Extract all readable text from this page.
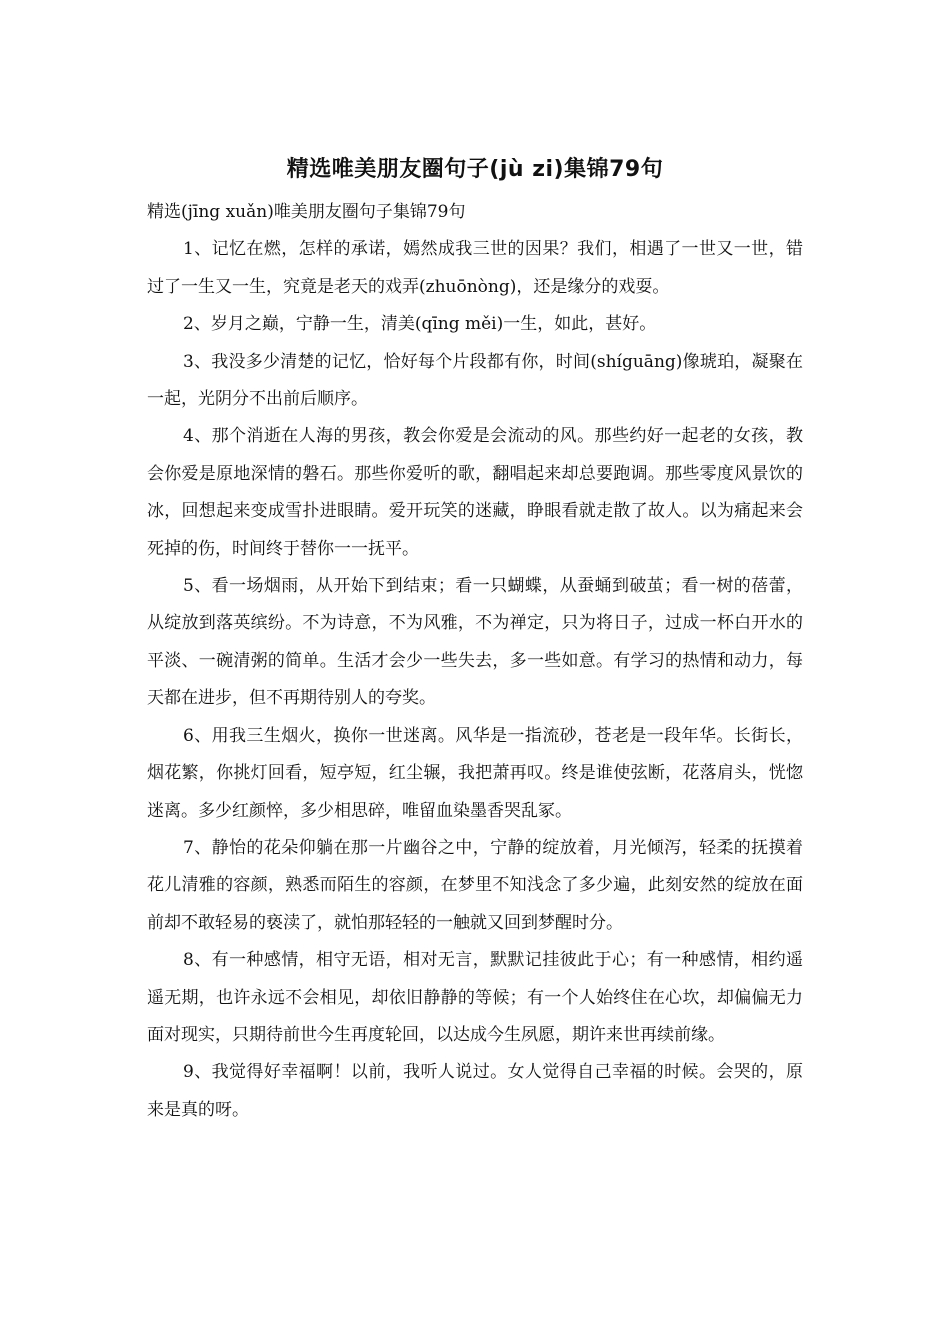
精选唯美朋友圈句子(jù zi)集锦79句

精选(jīng xuǎn)唯美朋友圈句子集锦79句

1、记忆在燃，怎样的承诺，嫣然成我三世的因果？我们，相遇了一世又一世，错过了一生又一生，究竟是老天的戏弄(zhuōnòng)，还是缘分的戏耍。

2、岁月之巅，宁静一生，清美(qīng měi)一生，如此，甚好。

3、我没多少清楚的记忆，恰好每个片段都有你，时间(shíguāng)像琥珀，凝聚在一起，光阴分不出前后顺序。

4、那个消逝在人海的男孩，教会你爱是会流动的风。那些约好一起老的女孩，教会你爱是原地深情的磐石。那些你爱听的歌，翻唱起来却总要跑调。那些零度风景饮的冰，回想起来变成雪扑进眼睛。爱开玩笑的迷藏，睁眼看就走散了故人。以为痛起来会死掉的伤，时间终于替你一一抚平。

5、看一场烟雨，从开始下到结束；看一只蝴蝶，从蚕蛹到破茧；看一树的蓓蕾，从绽放到落英缤纷。不为诗意，不为风雅，不为禅定，只为将日子，过成一杯白开水的平淡、一碗清粥的简单。生活才会少一些失去，多一些如意。有学习的热情和动力，每天都在进步，但不再期待别人的夸奖。

6、用我三生烟火，换你一世迷离。风华是一指流砂，苍老是一段年华。长街长，烟花繁，你挑灯回看，短亭短，红尘辗，我把萧再叹。终是谁使弦断，花落肩头，恍惚迷离。多少红颜悴，多少相思碎，唯留血染墨香哭乱冢。

7、静怡的花朵仰躺在那一片幽谷之中，宁静的绽放着，月光倾泻，轻柔的抚摸着花儿清雅的容颜，熟悉而陌生的容颜，在梦里不知浅念了多少遍，此刻安然的绽放在面前却不敢轻易的亵渎了，就怕那轻轻的一触就又回到梦醒时分。

8、有一种感情，相守无语，相对无言，默默记挂彼此于心；有一种感情，相约遥遥无期，也许永远不会相见，却依旧静静的等候；有一个人始终住在心坎，却偏偏无力面对现实，只期待前世今生再度轮回，以达成今生夙愿，期许来世再续前缘。

9、我觉得好幸福啊！以前，我听人说过。女人觉得自己幸福的时候。会哭的，原来是真的呀。
